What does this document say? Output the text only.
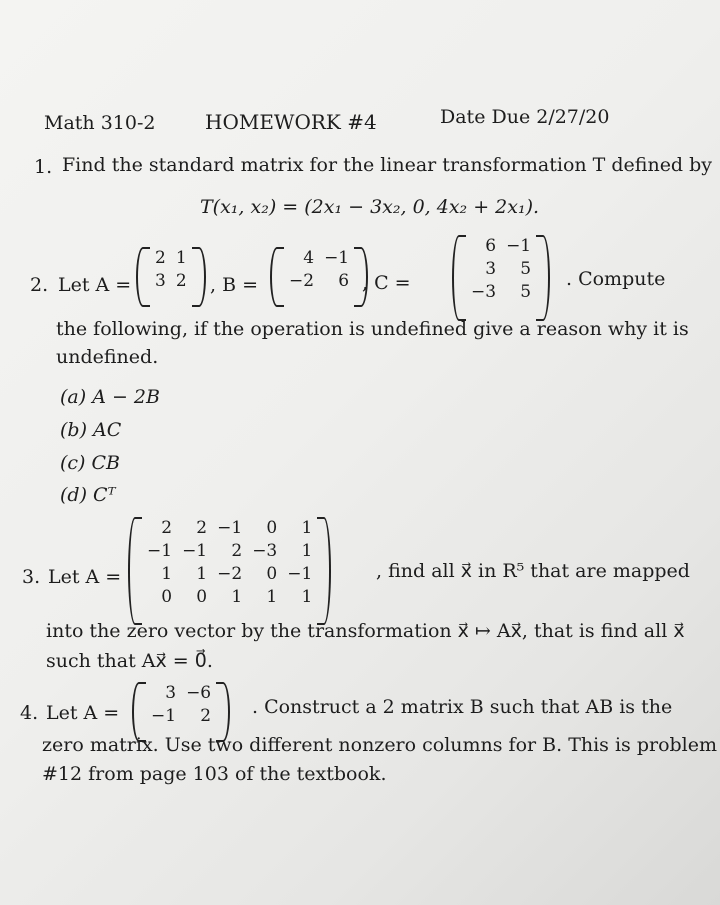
Math 310-2 HOMEWORK #4	Date Due 2/27/20
1. Find the standard matrix for the linear transformation T defined by
T(x₁, x₂) = (2x₁ − 3x₂, 0, 4x₂ + 2x₁).
2. Let A =
2	1
3	2 , B =
4	−1
−2	6 , C =
6	−1
3	5
−3	5
. Compute
the following, if the operation is undefined give a reason why it is
undefined.
(a) A − 2B
(b) AC
(c) CB
(d) Cᵀ
3. Let A =
2	2	−1	0	1
−1	−1	2	−3	1
1	1	−2	0	−1
0	0	1	1	1
, find all x⃗ in R⁵ that are mapped
into the zero vector by the transformation x⃗ ↦ Ax⃗, that is find all x⃗
such that Ax⃗ = 0⃗.
4. Let A =
3	−6
−1	2 . Construct a 2 matrix B such that AB is the
zero matrix. Use two different nonzero columns for B. This is problem
#12 from page 103 of the textbook.
